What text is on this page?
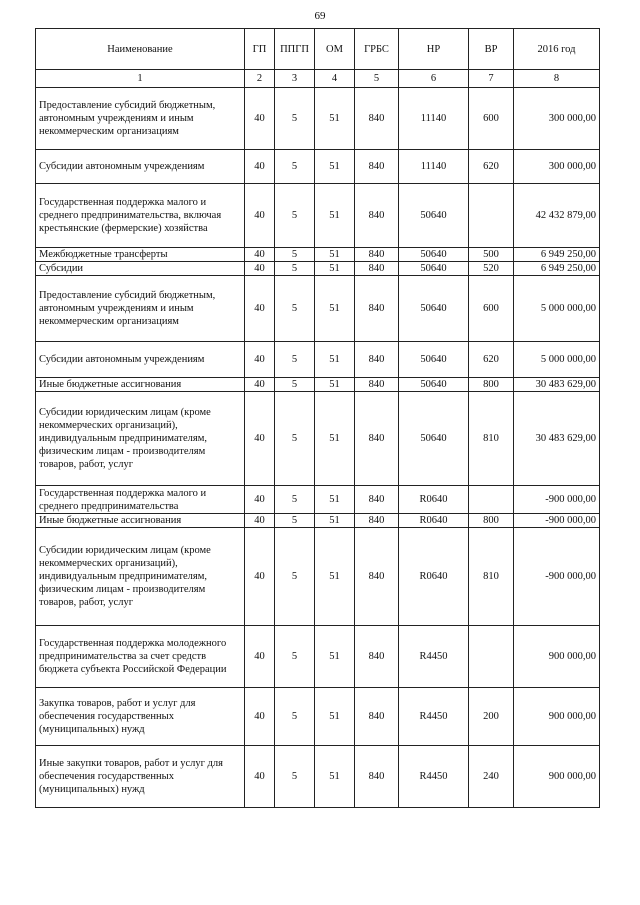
69
Наименование	ГП	ППГП	ОМ	ГРБС	НР	ВР	2016 год
1	2	3	4	5	6	7	8
Предоставление субсидий бюджетным, автономным учреждениям и иным некоммерческим организациям	40	5	51	840	11140	600	300 000,00
Субсидии автономным учреждениям	40	5	51	840	11140	620	300 000,00
Государственная поддержка малого и среднего предпринимательства, включая крестьянские (фермерские) хозяйства	40	5	51	840	50640		42 432 879,00
Межбюджетные трансферты	40	5	51	840	50640	500	6 949 250,00
Субсидии	40	5	51	840	50640	520	6 949 250,00
Предоставление субсидий бюджетным, автономным учреждениям и иным некоммерческим организациям	40	5	51	840	50640	600	5 000 000,00
Субсидии автономным учреждениям	40	5	51	840	50640	620	5 000 000,00
Иные бюджетные ассигнования	40	5	51	840	50640	800	30 483 629,00
Субсидии юридическим лицам (кроме некоммерческих организаций), индивидуальным предпринимателям, физическим лицам - производителям товаров, работ, услуг	40	5	51	840	50640	810	30 483 629,00
Государственная поддержка малого и среднего предпринимательства	40	5	51	840	R0640		-900 000,00
Иные бюджетные ассигнования	40	5	51	840	R0640	800	-900 000,00
Субсидии юридическим лицам (кроме некоммерческих организаций), индивидуальным предпринимателям, физическим лицам - производителям товаров, работ, услуг	40	5	51	840	R0640	810	-900 000,00
Государственная поддержка молодежного предпринимательства за счет средств бюджета субъекта Российской Федерации	40	5	51	840	R4450		900 000,00
Закупка товаров, работ и услуг для обеспечения государственных (муниципальных) нужд	40	5	51	840	R4450	200	900 000,00
Иные закупки товаров, работ и услуг для обеспечения государственных (муниципальных) нужд	40	5	51	840	R4450	240	900 000,00
